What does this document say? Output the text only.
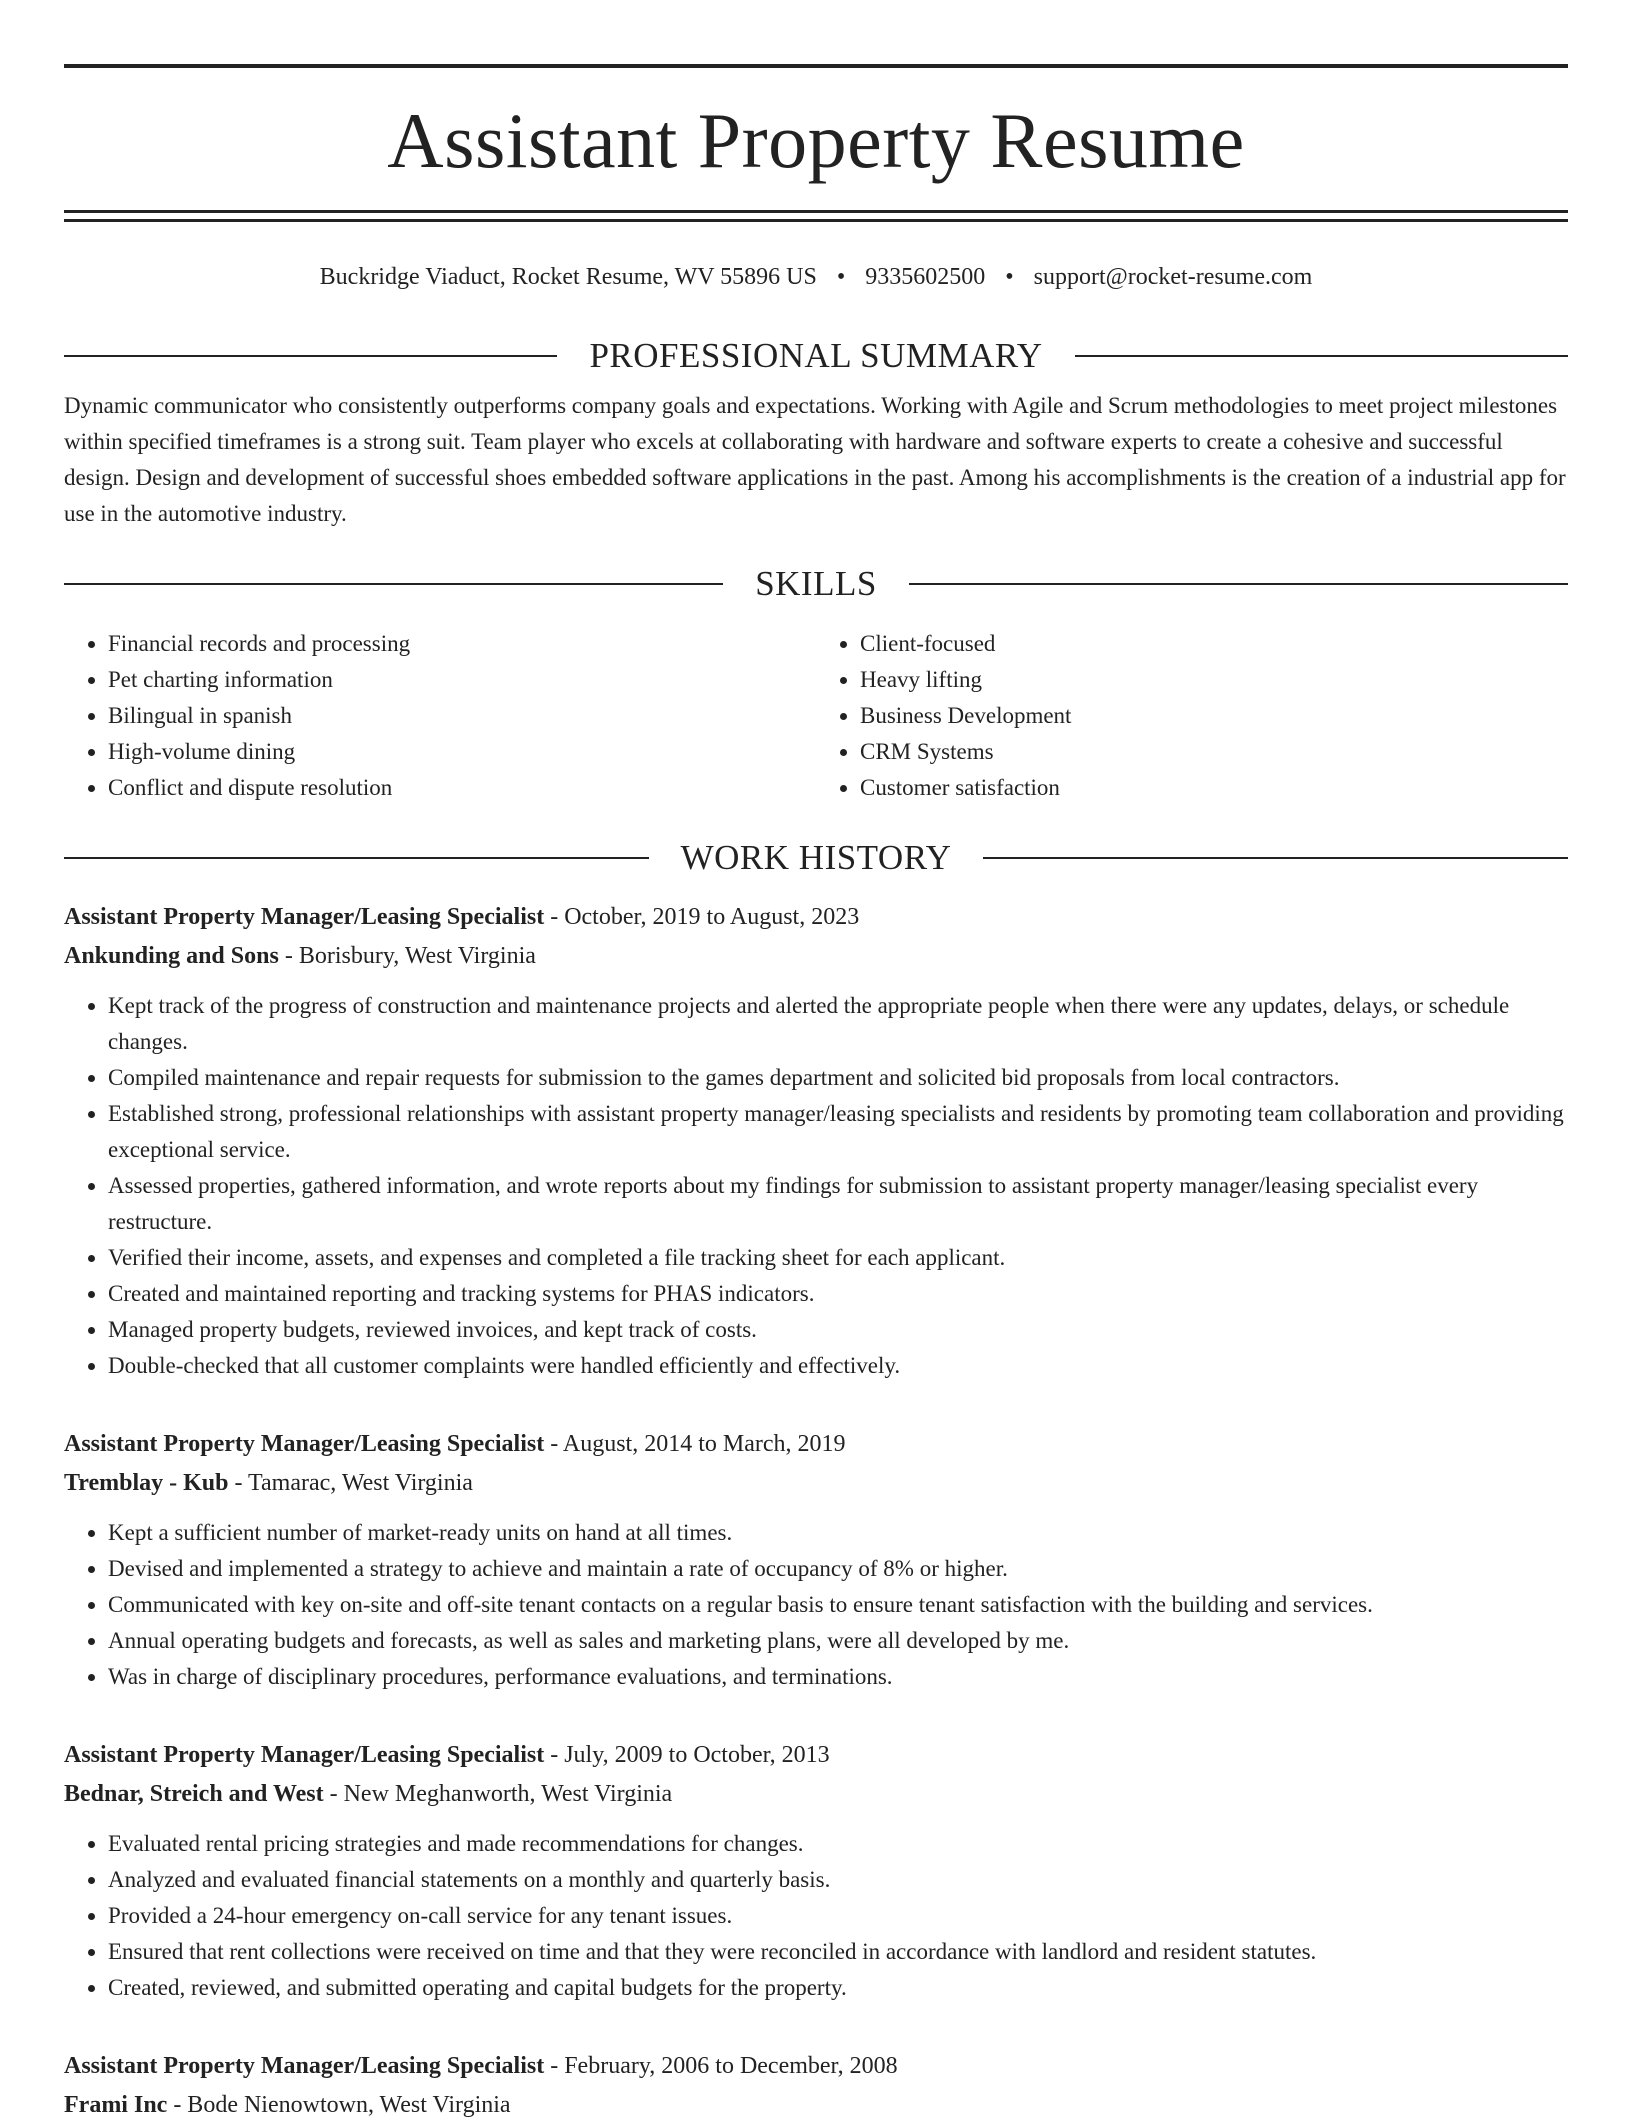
Assistant Property Resume
Buckridge Viaduct, Rocket Resume, WV 55896 US • 9335602500 • support@rocket-resume.com
PROFESSIONAL SUMMARY
Dynamic communicator who consistently outperforms company goals and expectations. Working with Agile and Scrum methodologies to meet project milestones within specified timeframes is a strong suit. Team player who excels at collaborating with hardware and software experts to create a cohesive and successful design. Design and development of successful shoes embedded software applications in the past. Among his accomplishments is the creation of a industrial app for use in the automotive industry.
SKILLS
• Financial records and processing
• Pet charting information
• Bilingual in spanish
• High-volume dining
• Conflict and dispute resolution
• Client-focused
• Heavy lifting
• Business Development
• CRM Systems
• Customer satisfaction
WORK HISTORY
Assistant Property Manager/Leasing Specialist - October, 2019 to August, 2023
Ankunding and Sons - Borisbury, West Virginia
• Kept track of the progress of construction and maintenance projects and alerted the appropriate people when there were any updates, delays, or schedule changes.
• Compiled maintenance and repair requests for submission to the games department and solicited bid proposals from local contractors.
• Established strong, professional relationships with assistant property manager/leasing specialists and residents by promoting team collaboration and providing exceptional service.
• Assessed properties, gathered information, and wrote reports about my findings for submission to assistant property manager/leasing specialist every restructure.
• Verified their income, assets, and expenses and completed a file tracking sheet for each applicant.
• Created and maintained reporting and tracking systems for PHAS indicators.
• Managed property budgets, reviewed invoices, and kept track of costs.
• Double-checked that all customer complaints were handled efficiently and effectively.
Assistant Property Manager/Leasing Specialist - August, 2014 to March, 2019
Tremblay - Kub - Tamarac, West Virginia
• Kept a sufficient number of market-ready units on hand at all times.
• Devised and implemented a strategy to achieve and maintain a rate of occupancy of 8% or higher.
• Communicated with key on-site and off-site tenant contacts on a regular basis to ensure tenant satisfaction with the building and services.
• Annual operating budgets and forecasts, as well as sales and marketing plans, were all developed by me.
• Was in charge of disciplinary procedures, performance evaluations, and terminations.
Assistant Property Manager/Leasing Specialist - July, 2009 to October, 2013
Bednar, Streich and West - New Meghanworth, West Virginia
• Evaluated rental pricing strategies and made recommendations for changes.
• Analyzed and evaluated financial statements on a monthly and quarterly basis.
• Provided a 24-hour emergency on-call service for any tenant issues.
• Ensured that rent collections were received on time and that they were reconciled in accordance with landlord and resident statutes.
• Created, reviewed, and submitted operating and capital budgets for the property.
Assistant Property Manager/Leasing Specialist - February, 2006 to December, 2008
Frami Inc - Bode Nienowtown, West Virginia
